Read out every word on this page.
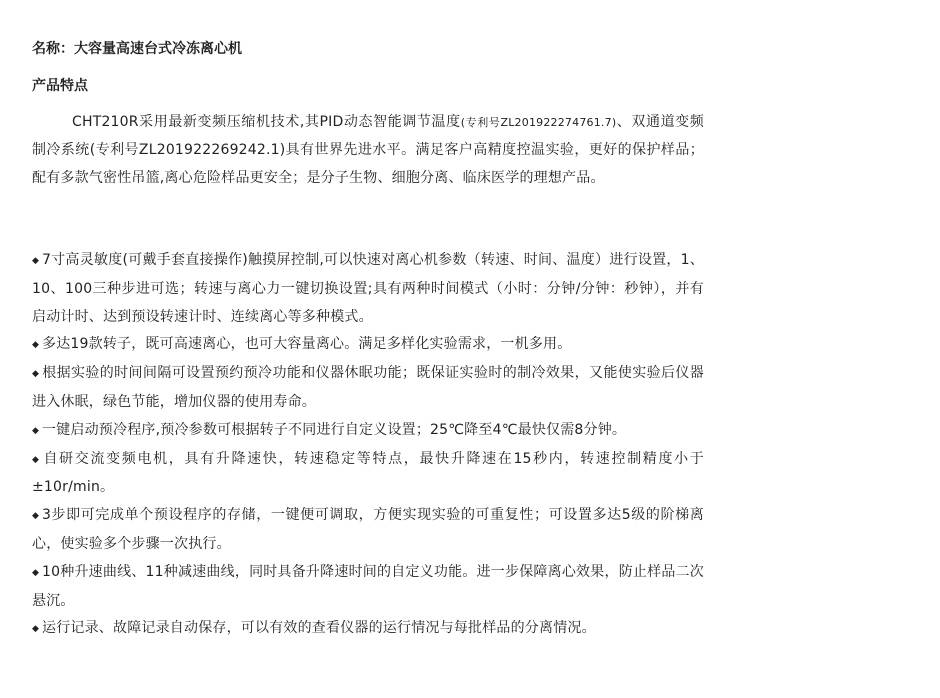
名称：大容量高速台式冷冻离心机
产品特点

CHT210R采用最新变频压缩机技术,其PID动态智能调节温度(专利号ZL201922274761.7)、双通道变频制冷系统(专利号ZL201922269242.1)具有世界先进水平。满足客户高精度控温实验，更好的保护样品；配有多款气密性吊篮,离心危险样品更安全；是分子生物、细胞分离、临床医学的理想产品。

◆ 7寸高灵敏度(可戴手套直接操作)触摸屏控制,可以快速对离心机参数（转速、时间、温度）进行设置，1、10、100三种步进可选；转速与离心力一键切换设置;具有两种时间模式（小时：分钟/分钟：秒钟），并有启动计时、达到预设转速计时、连续离心等多种模式。
◆ 多达19款转子，既可高速离心，也可大容量离心。满足多样化实验需求，一机多用。
◆ 根据实验的时间间隔可设置预约预冷功能和仪器休眠功能；既保证实验时的制冷效果，又能使实验后仪器进入休眠，绿色节能，增加仪器的使用寿命。
◆ 一键启动预冷程序,预冷参数可根据转子不同进行自定义设置；25℃降至4℃最快仅需8分钟。
◆ 自研交流变频电机，具有升降速快，转速稳定等特点，最快升降速在15秒内，转速控制精度小于±10r/min。
◆ 3步即可完成单个预设程序的存储，一键便可调取，方便实现实验的可重复性；可设置多达5级的阶梯离心，使实验多个步骤一次执行。
◆ 10种升速曲线、11种减速曲线，同时具备升降速时间的自定义功能。进一步保障离心效果，防止样品二次悬沉。
◆ 运行记录、故障记录自动保存，可以有效的查看仪器的运行情况与每批样品的分离情况。
